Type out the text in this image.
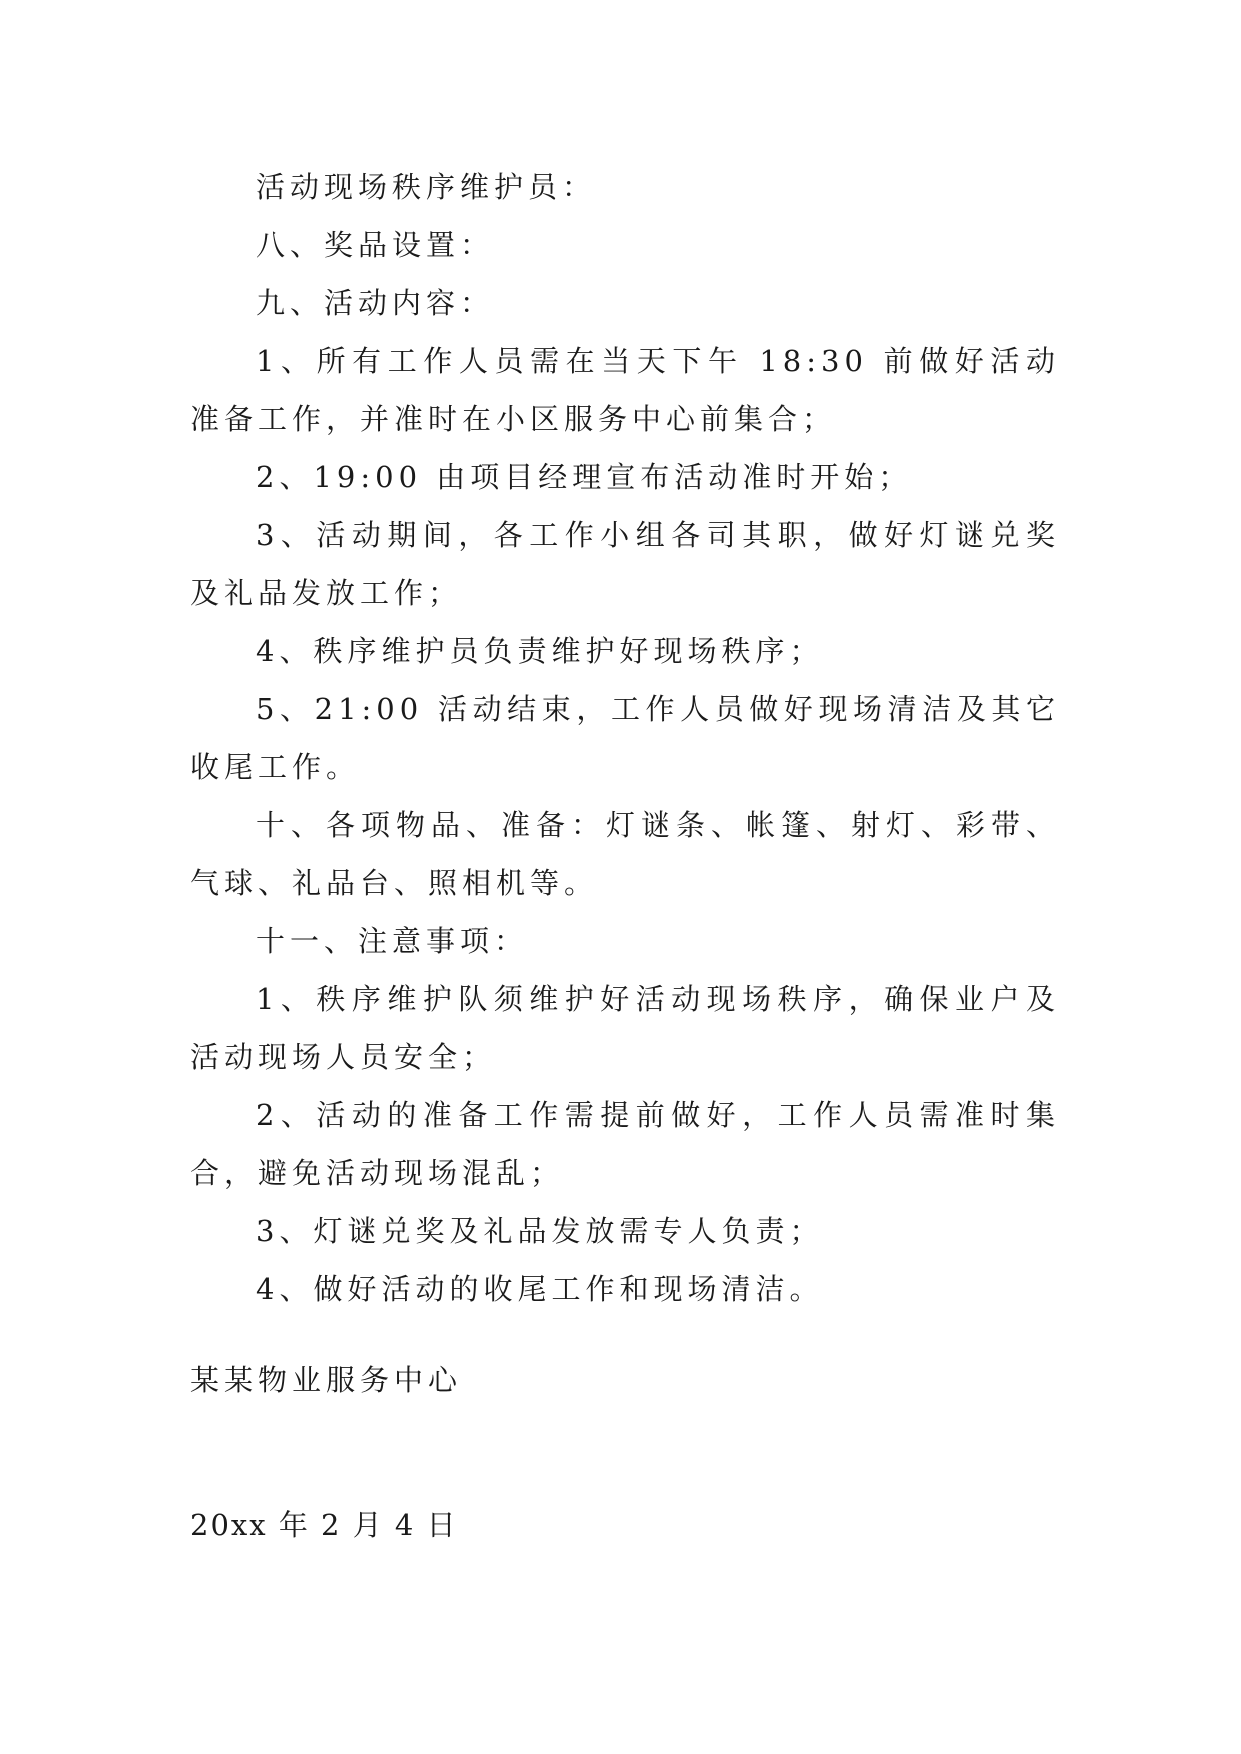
活动现场秩序维护员：

八、奖品设置：

九、活动内容：

1、所有工作人员需在当天下午 18:30 前做好活动准备工作，并准时在小区服务中心前集合；

2、19:00 由项目经理宣布活动准时开始；

3、活动期间，各工作小组各司其职，做好灯谜兑奖及礼品发放工作；

4、秩序维护员负责维护好现场秩序；

5、21:00 活动结束，工作人员做好现场清洁及其它收尾工作。

十、各项物品、准备：灯谜条、帐篷、射灯、彩带、气球、礼品台、照相机等。

十一、注意事项：

1、秩序维护队须维护好活动现场秩序，确保业户及活动现场人员安全；

2、活动的准备工作需提前做好，工作人员需准时集合，避免活动现场混乱；

3、灯谜兑奖及礼品发放需专人负责；

4、做好活动的收尾工作和现场清洁。

某某物业服务中心
20xx 年 2 月 4 日
